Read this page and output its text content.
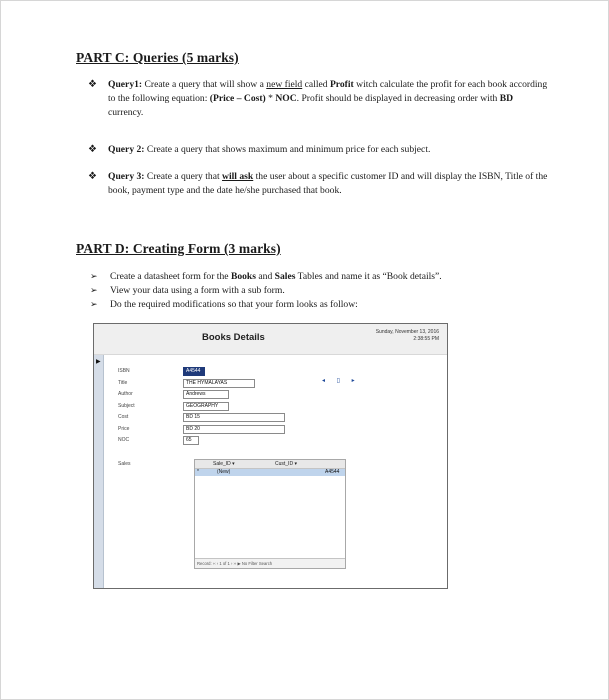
PART C: Queries (5 marks)
❖ Query1: Create a query that will show a new field called Profit witch calculate the profit for each book according to the following equation: (Price – Cost) * NOC. Profit should be displayed in decreasing order with BD currency.
❖ Query 2: Create a query that shows maximum and minimum price for each subject.
❖ Query 3: Create a query that will ask the user about a specific customer ID and will display the ISBN, Title of the book, payment type and the date he/she purchased that book.
PART D: Creating Form (3 marks)
➢ Create a datasheet form for the Books and Sales Tables and name it as “Book details”.
➢ View your data using a form with a sub form.
➢ Do the required modifications so that your form looks as follow:
Books Details	Sunday, November 13, 2016
2:38:55 PM
▶
ISBN	A4544
Title	THE HYMALAYAS
Author	Andrews
Subject	GEOGRAPHY
Cost	BD 15
Price	BD 20
NOC	65
◂ ▯ ▸
Sales	Sale_ID ▾	Cust_ID ▾
*	(New)	A4544
Record: ‹‹ ‹ 1 of 1 › ›› ▶ No Filter Search
